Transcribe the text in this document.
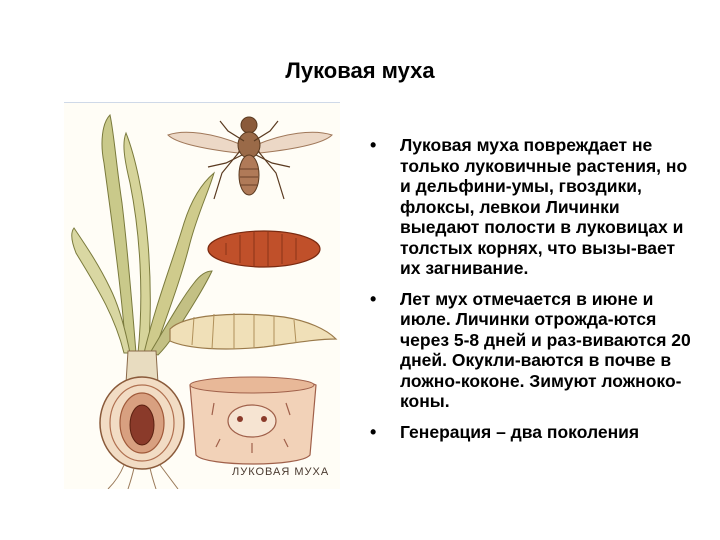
Луковая муха
ЛУКОВАЯ МУХА
• Луковая муха повреждает не только луковичные растения, но и дельфини-умы, гвоздики, флоксы, левкои Личинки выедают полости в луковицах и толстых корнях, что вызы-вает их загнивание.
• Лет мух отмечается в июне и июле. Личинки отрожда-ются через 5-8 дней и раз-виваются 20 дней. Окукли-ваются в почве в ложно-коконе. Зимуют ложноко-коны.
• Генерация – два поколения
